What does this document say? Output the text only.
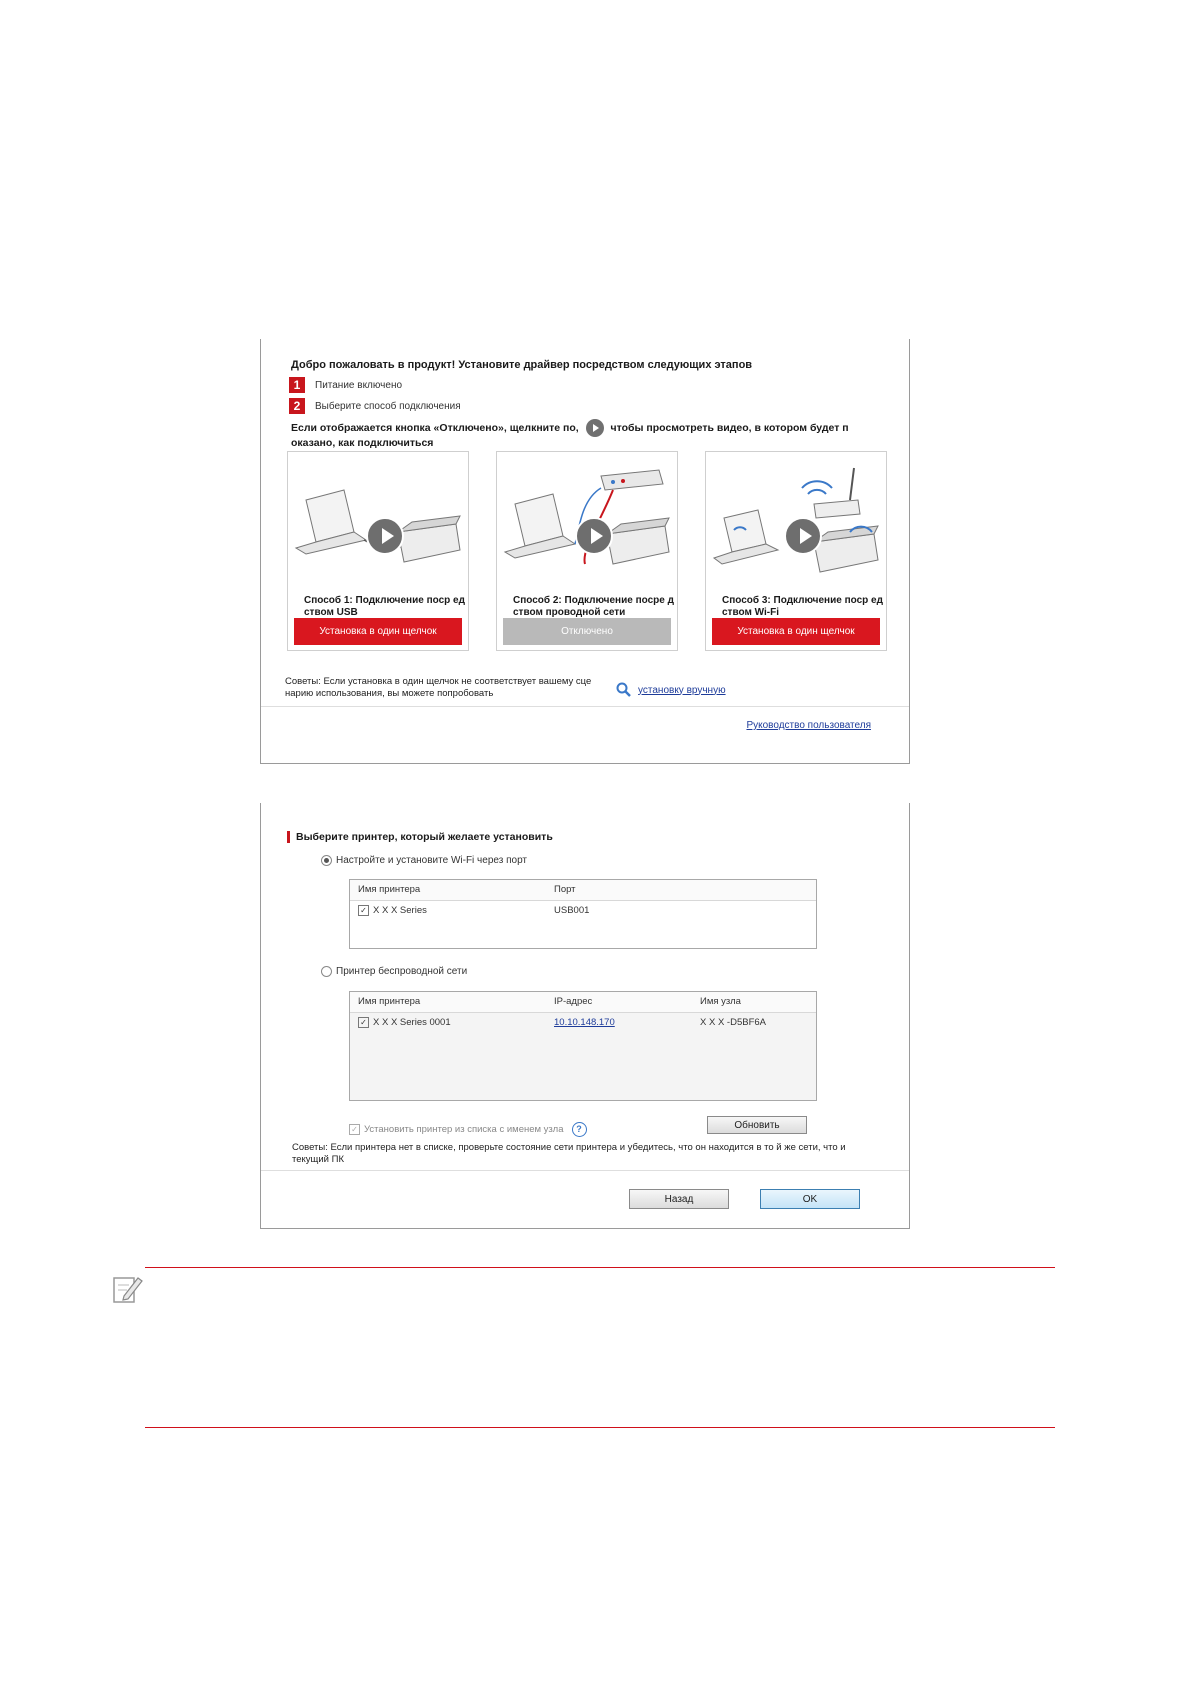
Добро пожаловать в продукт! Установите драйвер посредством следующих этапов
1	Питание включено
2	Выберите способ подключения
Если отображается кнопка «Отключено», щелкните по,	чтобы просмотреть видео, в котором будет п оказано, как подключиться
Способ 1: Подключение поср едством USB
Установка в один щелчок
Способ 2: Подключение посре дством проводной сети
Отключено
Способ 3: Подключение поср едством Wi-Fi
Установка в один щелчок
Советы: Если установка в один щелчок не соответствует вашему сце нарию использования, вы можете попробовать	установку вручную
Руководство пользователя
Выберите принтер, который желаете установить
Настройте и установите Wi-Fi через порт
Имя принтера	Порт
✓ X X X Series	USB001
Принтер беспроводной сети
Имя принтера	IP-адрес	Имя узла
✓ X X X Series 0001	10.10.148.170	X X X -D5BF6A
✓ Установить принтер из списка с именем узла	?	Обновить
Советы: Если принтера нет в списке, проверьте состояние сети принтера и убедитесь, что он находится в то й же сети, что и текущий ПК
Назад	OK
